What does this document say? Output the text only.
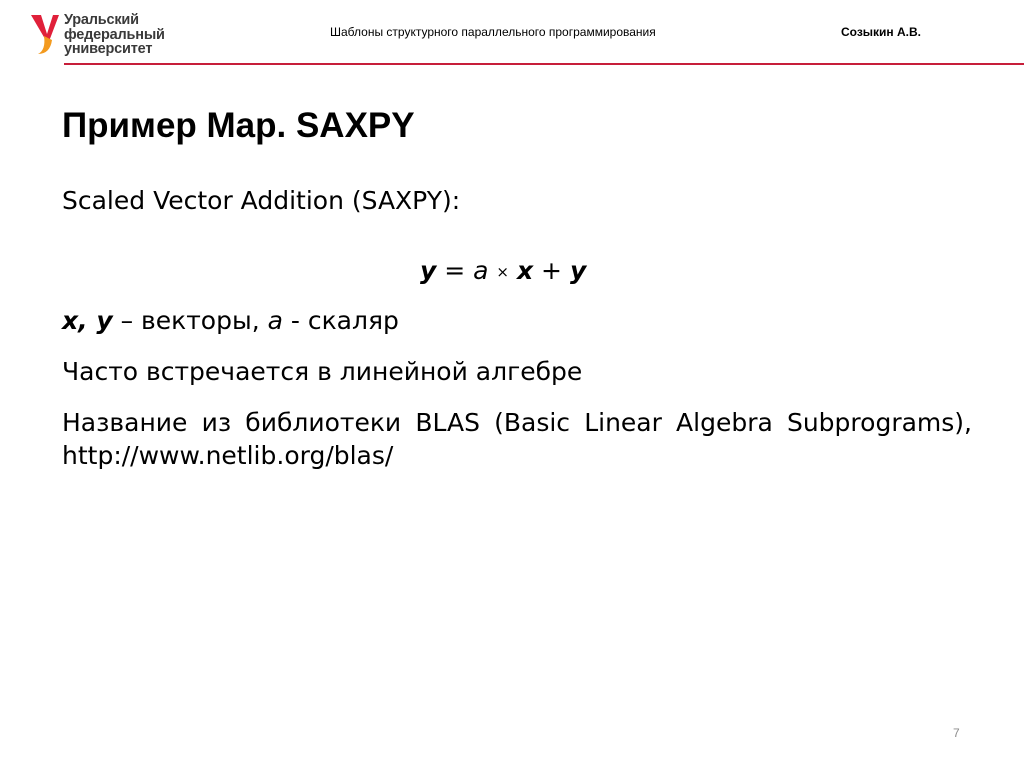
Уральский
федеральный
университет
Шаблоны структурного параллельного программирования	Созыкин А.В.
Пример Map. SAXPY
Scaled Vector Addition (SAXPY):
y = a × x + y
x, y – векторы, a - скаляр
Часто встречается в линейной алгебре
Название из библиотеки BLAS (Basic Linear Algebra Subprograms), http://www.netlib.org/blas/
7
